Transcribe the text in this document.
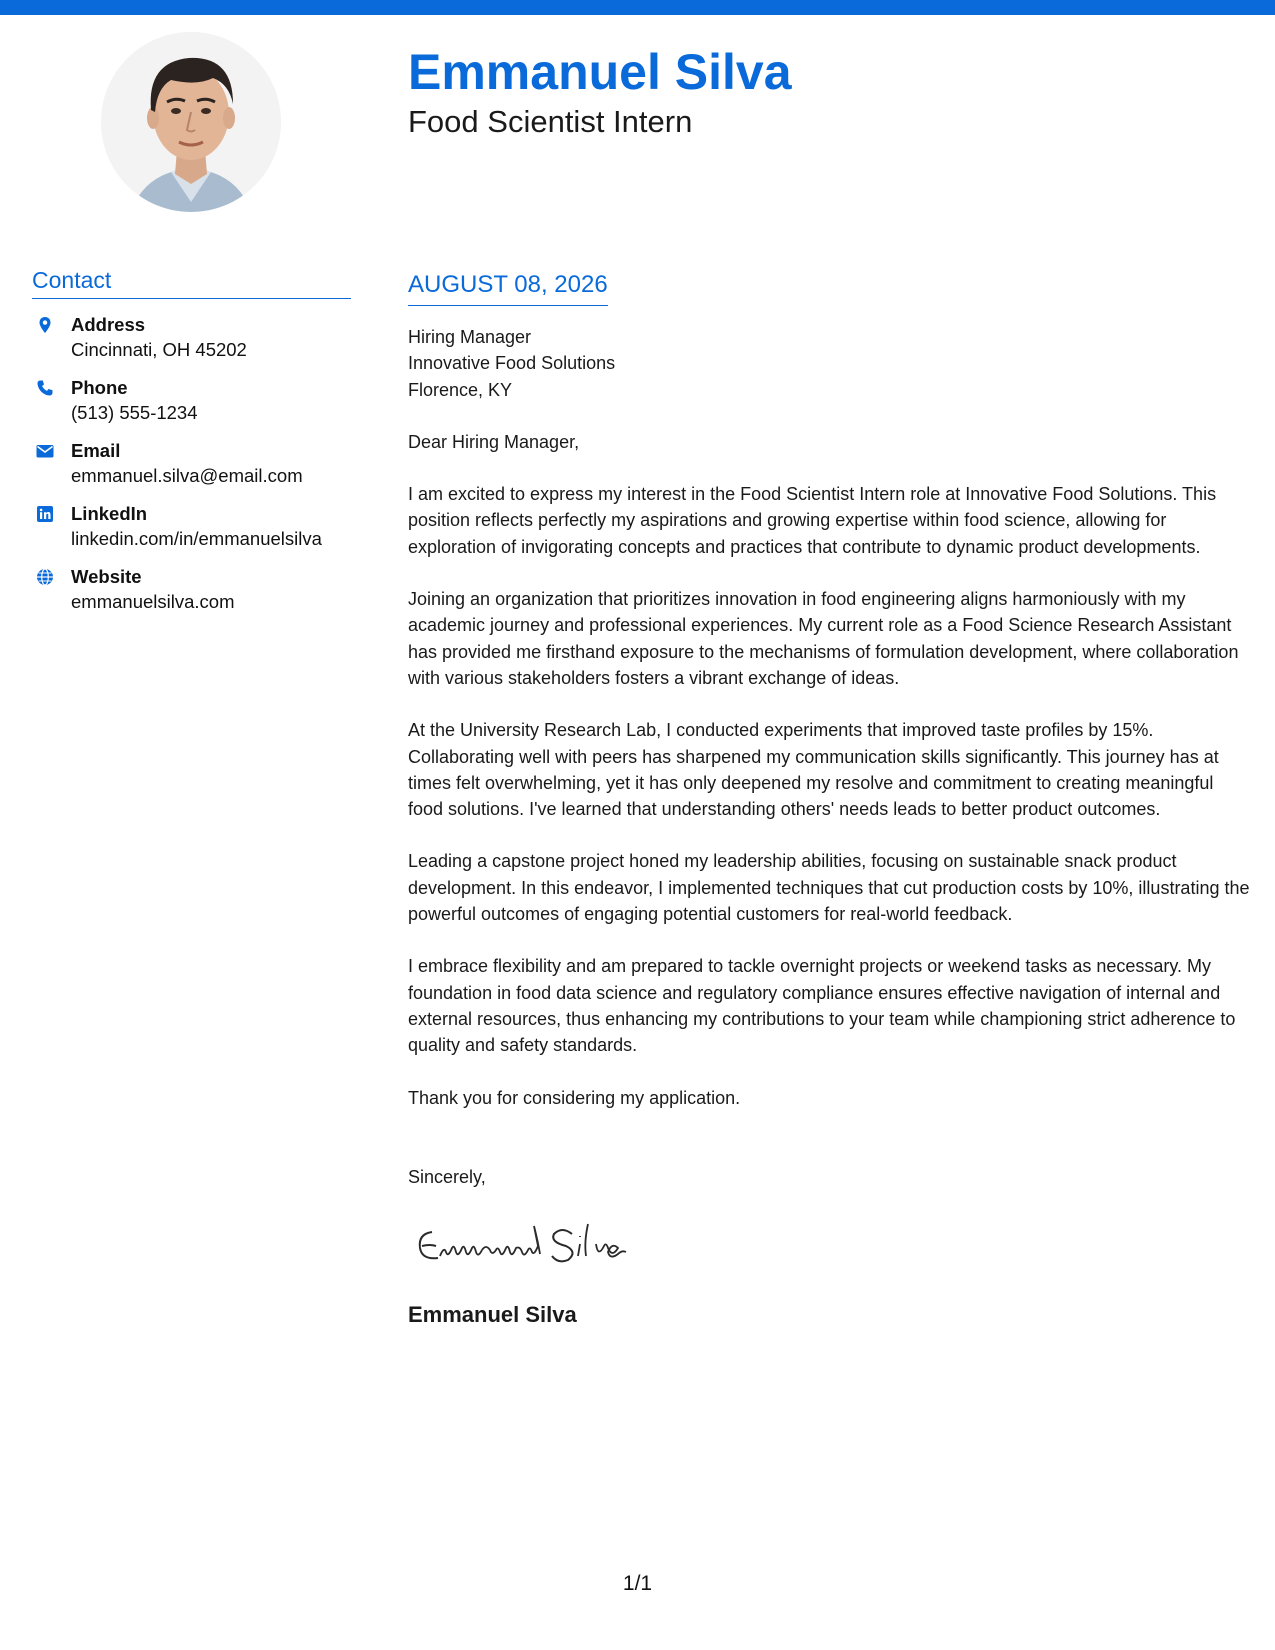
Emmanuel Silva
Food Scientist Intern
Contact
Address
Cincinnati, OH 45202
Phone
(513) 555-1234
Email
emmanuel.silva@email.com
LinkedIn
linkedin.com/in/emmanuelsilva
Website
emmanuelsilva.com
AUGUST 08, 2026
Hiring Manager
Innovative Food Solutions
Florence, KY
Dear Hiring Manager,
I am excited to express my interest in the Food Scientist Intern role at Innovative Food Solutions. This position reflects perfectly my aspirations and growing expertise within food science, allowing for exploration of invigorating concepts and practices that contribute to dynamic product developments.
Joining an organization that prioritizes innovation in food engineering aligns harmoniously with my academic journey and professional experiences. My current role as a Food Science Research Assistant has provided me firsthand exposure to the mechanisms of formulation development, where collaboration with various stakeholders fosters a vibrant exchange of ideas.
At the University Research Lab, I conducted experiments that improved taste profiles by 15%. Collaborating well with peers has sharpened my communication skills significantly. This journey has at times felt overwhelming, yet it has only deepened my resolve and commitment to creating meaningful food solutions. I've learned that understanding others' needs leads to better product outcomes.
Leading a capstone project honed my leadership abilities, focusing on sustainable snack product development. In this endeavor, I implemented techniques that cut production costs by 10%, illustrating the powerful outcomes of engaging potential customers for real-world feedback.
I embrace flexibility and am prepared to tackle overnight projects or weekend tasks as necessary. My foundation in food data science and regulatory compliance ensures effective navigation of internal and external resources, thus enhancing my contributions to your team while championing strict adherence to quality and safety standards.
Thank you for considering my application.
Sincerely,
Emmanuel Silva
1/1
